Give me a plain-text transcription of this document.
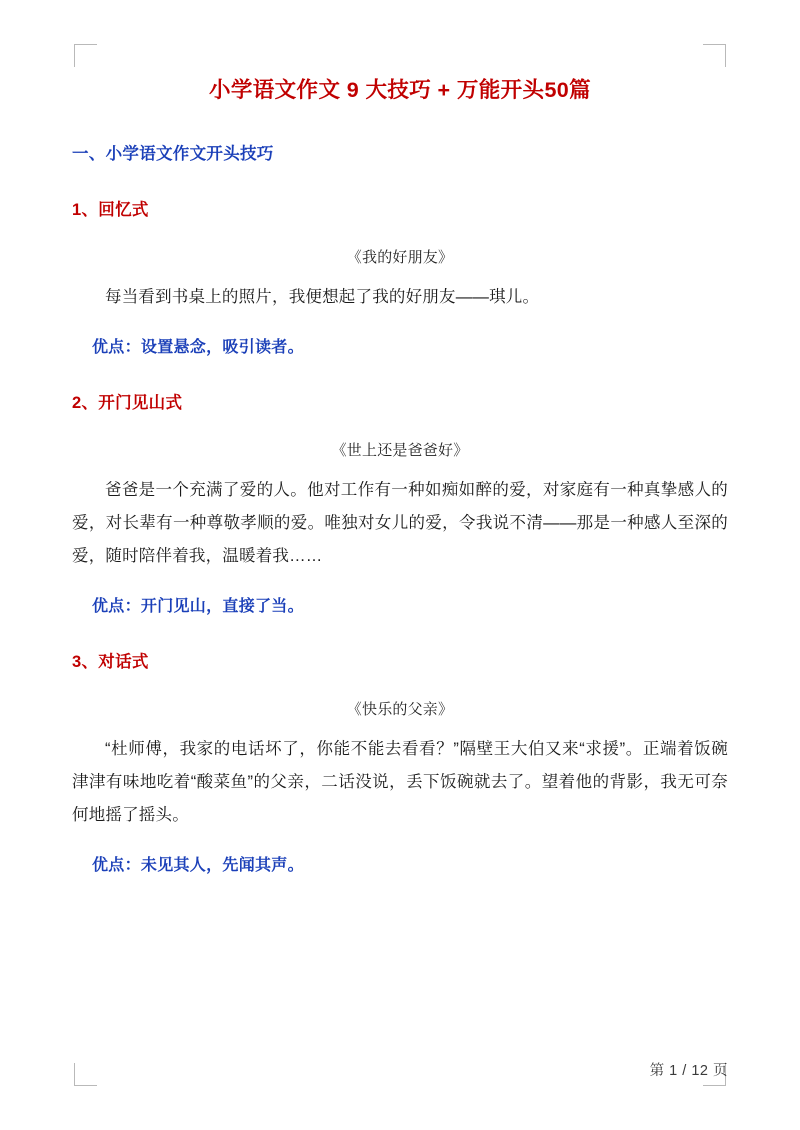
小学语文作文 9 大技巧 + 万能开头50篇
一、小学语文作文开头技巧
1、回忆式

《我的好朋友》

每当看到书桌上的照片，我便想起了我的好朋友——琪儿。

优点：设置悬念，吸引读者。

2、开门见山式

《世上还是爸爸好》

爸爸是一个充满了爱的人。他对工作有一种如痴如醉的爱，对家庭有一种真挚感人的爱，对长辈有一种尊敬孝顺的爱。唯独对女儿的爱，令我说不清——那是一种感人至深的爱，随时陪伴着我，温暖着我……

优点：开门见山，直接了当。

3、对话式

《快乐的父亲》

“杜师傅，我家的电话坏了，你能不能去看看？”隔壁王大伯又来“求援”。正端着饭碗津津有味地吃着“酸菜鱼”的父亲，二话没说，丢下饭碗就去了。望着他的背影，我无可奈何地摇了摇头。

优点：未见其人，先闻其声。

第 1 / 12 页
